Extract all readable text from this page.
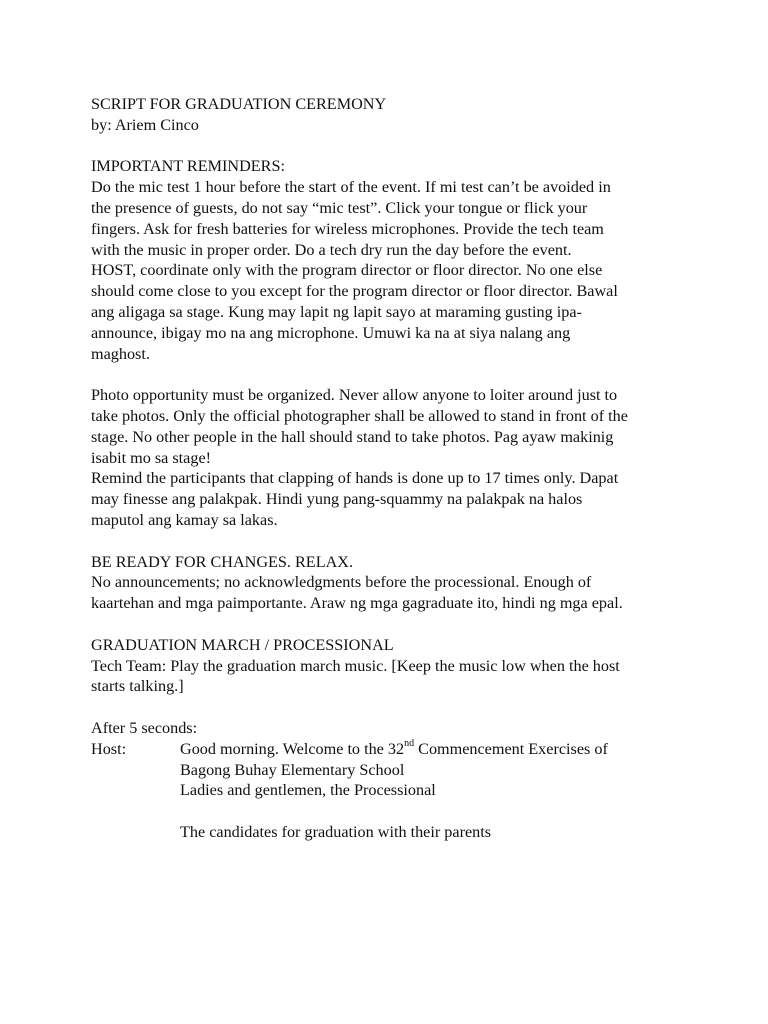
SCRIPT FOR GRADUATION CEREMONY
by: Ariem Cinco
IMPORTANT REMINDERS:
Do the mic test 1 hour before the start of the event. If mi test can’t be avoided in
the presence of guests, do not say “mic test”. Click your tongue or flick your
fingers. Ask for fresh batteries for wireless microphones. Provide the tech team
with the music in proper order. Do a tech dry run the day before the event.
HOST, coordinate only with the program director or floor director. No one else
should come close to you except for the program director or floor director. Bawal
ang aligaga sa stage. Kung may lapit ng lapit sayo at maraming gusting ipa-
announce, ibigay mo na ang microphone. Umuwi ka na at siya nalang ang
maghost.
Photo opportunity must be organized. Never allow anyone to loiter around just to
take photos. Only the official photographer shall be allowed to stand in front of the
stage. No other people in the hall should stand to take photos. Pag ayaw makinig
isabit mo sa stage!
Remind the participants that clapping of hands is done up to 17 times only. Dapat
may finesse ang palakpak. Hindi yung pang-squammy na palakpak na halos
maputol ang kamay sa lakas.
BE READY FOR CHANGES. RELAX.
No announcements; no acknowledgments before the processional. Enough of
kaartehan and mga paimportante. Araw ng mga gagraduate ito, hindi ng mga epal.
GRADUATION MARCH / PROCESSIONAL
Tech Team: Play the graduation march music. [Keep the music low when the host
starts talking.]
After 5 seconds:
Host:	Good morning. Welcome to the 32nd Commencement Exercises of
Bagong Buhay Elementary School
Ladies and gentlemen, the Processional
The candidates for graduation with their parents
